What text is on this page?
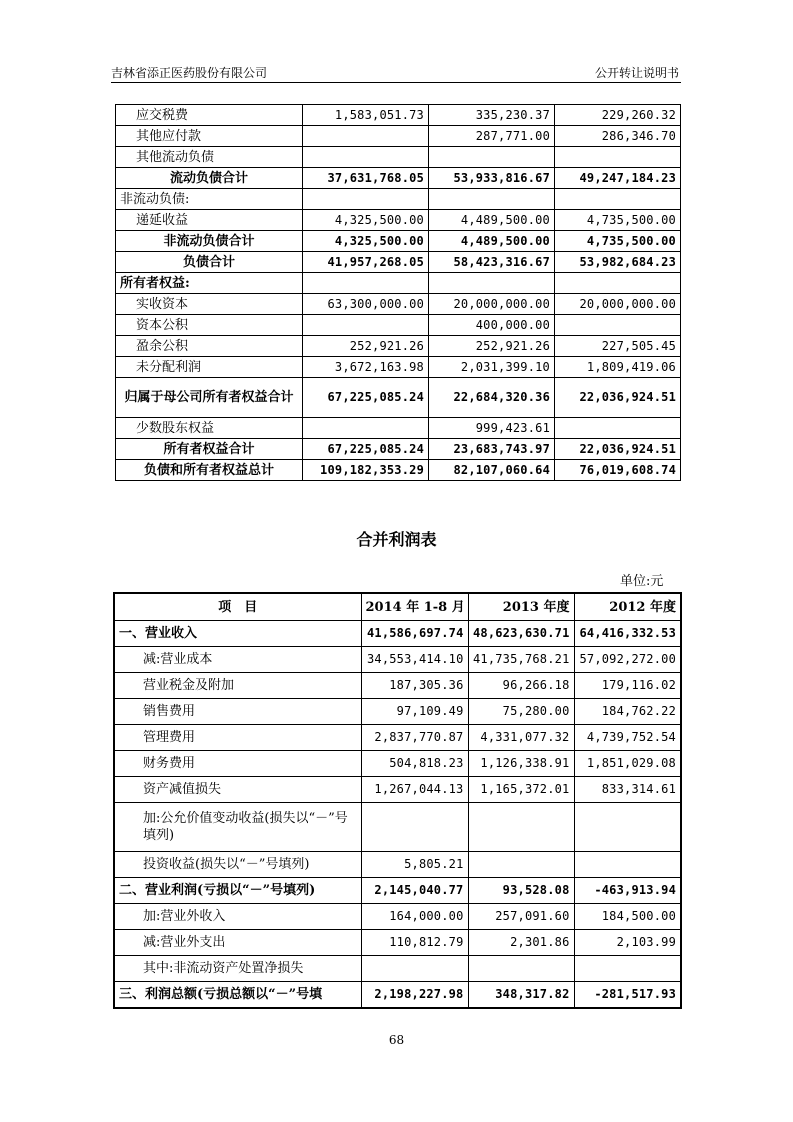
吉林省添正医药股份有限公司	公开转让说明书
应交税费	1,583,051.73	335,230.37	229,260.32
其他应付款		287,771.00	286,346.70
其他流动负债			
流动负债合计	37,631,768.05	53,933,816.67	49,247,184.23
非流动负债:			
递延收益	4,325,500.00	4,489,500.00	4,735,500.00
非流动负债合计	4,325,500.00	4,489,500.00	4,735,500.00
负债合计	41,957,268.05	58,423,316.67	53,982,684.23
所有者权益:			
实收资本	63,300,000.00	20,000,000.00	20,000,000.00
资本公积		400,000.00	
盈余公积	252,921.26	252,921.26	227,505.45
未分配利润	3,672,163.98	2,031,399.10	1,809,419.06
归属于母公司所有者权益合计	67,225,085.24	22,684,320.36	22,036,924.51
少数股东权益		999,423.61	
所有者权益合计	67,225,085.24	23,683,743.97	22,036,924.51
负债和所有者权益总计	109,182,353.29	82,107,060.64	76,019,608.74
合并利润表
单位:元
项　目	2014 年 1-8 月	2013 年度	2012 年度
一、营业收入	41,586,697.74	48,623,630.71	64,416,332.53
减:营业成本	34,553,414.10	41,735,768.21	57,092,272.00
营业税金及附加	187,305.36	96,266.18	179,116.02
销售费用	97,109.49	75,280.00	184,762.22
管理费用	2,837,770.87	4,331,077.32	4,739,752.54
财务费用	504,818.23	1,126,338.91	1,851,029.08
资产减值损失	1,267,044.13	1,165,372.01	833,314.61
加:公允价值变动收益(损失以“－”号填列)			
投资收益(损失以“－”号填列)	5,805.21		
二、营业利润(亏损以“－”号填列)	2,145,040.77	93,528.08	-463,913.94
加:营业外收入	164,000.00	257,091.60	184,500.00
减:营业外支出	110,812.79	2,301.86	2,103.99
其中:非流动资产处置净损失			
三、利润总额(亏损总额以“－”号填	2,198,227.98	348,317.82	-281,517.93
68
